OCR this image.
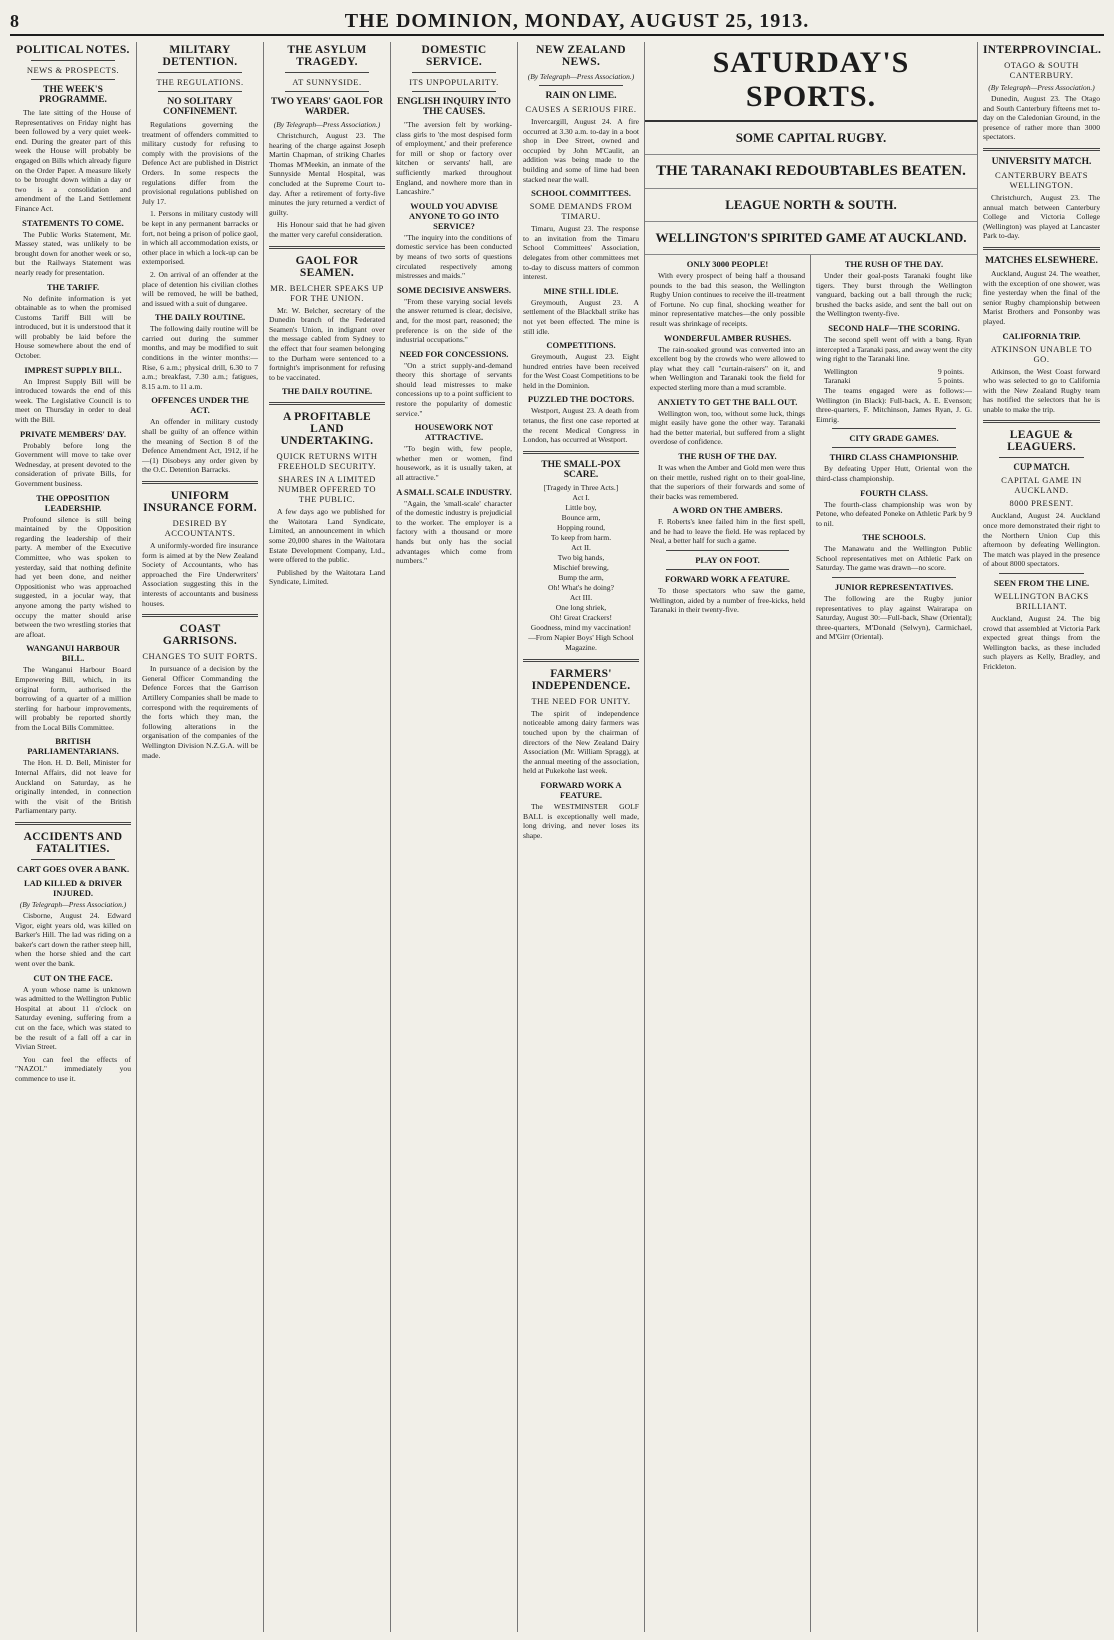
8	THE DOMINION, MONDAY, AUGUST 25, 1913.
POLITICAL NOTES.
NEWS & PROSPECTS.
THE WEEK'S PROGRAMME.

The late sitting of the House of Representatives on Friday night has been followed by a very quiet week-end. During the greater part of this week the House will probably be engaged on Bills which already figure on the Order Paper. A measure likely to be brought down within a day or two is a consolidation and amendment of the Land Settlement Finance Act.

STATEMENTS TO COME.

The Public Works Statement, Mr. Massey stated, was unlikely to be brought down for another week or so, but the Railways Statement was nearly ready for presentation.

THE TARIFF.

No definite information is yet obtainable as to when the promised Customs Tariff Bill will be introduced, but it is understood that it will probably be laid before the House somewhere about the end of October.

IMPREST SUPPLY BILL.

An Imprest Supply Bill will be introduced towards the end of this week. The Legislative Council is to meet on Thursday in order to deal with the Bill.

PRIVATE MEMBERS' DAY.

Probably before long the Government will move to take over Wednesday, at present devoted to the consideration of private Bills, for Government business.

THE OPPOSITION LEADERSHIP.

Profound silence is still being maintained by the Opposition regarding the leadership of their party. A member of the Executive Committee, who was spoken to yesterday, said that nothing definite had yet been done, and neither Oppositionist who was approached suggested, in a jocular way, that anyone among the party wished to occupy the matter should arise between the two wrestling stories that are afloat.

WANGANUI HARBOUR BILL.

The Wanganui Harbour Board Empowering Bill, which, in its original form, authorised the borrowing of a quarter of a million sterling for harbour improvements, will probably be reported shortly from the Local Bills Committee.

BRITISH PARLIAMENTARIANS.

The Hon. H. D. Bell, Minister for Internal Affairs, did not leave for Auckland on Saturday, as he originally intended, in connection with the visit of the British Parliamentary party.

ACCIDENTS AND FATALITIES.
CART GOES OVER A BANK.
LAD KILLED & DRIVER INJURED.
(By Telegraph—Press Association.)

Cisborne, August 24. Edward Vigor, eight years old, was killed on Barker's Hill. The lad was riding on a baker's cart down the rather steep hill, when the horse shied and the cart went over the bank.

CUT ON THE FACE.

A youn whose name is unknown was admitted to the Wellington Public Hospital at about 11 o'clock on Saturday evening, suffering from a cut on the face, which was stated to be the result of a fall off a car in Vivian Street.

You can feel the effects of "NAZOL" immediately you commence to use it.

MILITARY DETENTION.
THE REGULATIONS.
NO SOLITARY CONFINEMENT.

Regulations governing the treatment of offenders committed to military custody for refusing to comply with the provisions of the Defence Act are published in District Orders. In some respects the regulations differ from the provisional regulations published on July 17.

1. Persons in military custody will be kept in any permanent barracks or fort, not being a prison of police gaol, in which all accommodation exists, or other place in which a lock-up can be extemporised.

2. On arrival of an offender at the place of detention his civilian clothes will be removed, he will be bathed, and issued with a suit of dungaree.

THE DAILY ROUTINE.

The following daily routine will be carried out during the summer months, and may be modified to suit conditions in the winter months:—Rise, 6 a.m.; physical drill, 6.30 to 7 a.m.; breakfast, 7.30 a.m.; fatigues, 8.15 a.m. to 11 a.m.

OFFENCES UNDER THE ACT.

An offender in military custody shall be guilty of an offence within the meaning of Section 8 of the Defence Amendment Act, 1912, if he—(1) Disobeys any order given by the O.C. Detention Barracks.

UNIFORM INSURANCE FORM.
DESIRED BY ACCOUNTANTS.

A uniformly-worded fire insurance form is aimed at by the New Zealand Society of Accountants, who has approached the Fire Underwriters' Association suggesting this in the interests of accountants and business houses.

COAST GARRISONS.
CHANGES TO SUIT FORTS.

In pursuance of a decision by the General Officer Commanding the Defence Forces that the Garrison Artillery Companies shall be made to correspond with the requirements of the forts which they man, the following alterations in the organisation of the companies of the Wellington Division N.Z.G.A. will be made.

THE ASYLUM TRAGEDY.
AT SUNNYSIDE.
TWO YEARS' GAOL FOR WARDER.
(By Telegraph—Press Association.)

Christchurch, August 23. The hearing of the charge against Joseph Martin Chapman, of striking Charles Thomas M'Meekin, an inmate of the Sunnyside Mental Hospital, was concluded at the Supreme Court to-day. After a retirement of forty-five minutes the jury returned a verdict of guilty.

His Honour said that he had given the matter very careful consideration.

GAOL FOR SEAMEN.
MR. BELCHER SPEAKS UP FOR THE UNION.

Mr. W. Belcher, secretary of the Dunedin branch of the Federated Seamen's Union, in indignant over the message cabled from Sydney to the effect that four seamen belonging to the Durham were sentenced to a fortnight's imprisonment for refusing to be vaccinated.

THE DAILY ROUTINE.
A PROFITABLE LAND UNDERTAKING.
QUICK RETURNS WITH FREEHOLD SECURITY.
SHARES IN A LIMITED NUMBER OFFERED TO THE PUBLIC.

A few days ago we published for the Waitotara Land Syndicate, Limited, an announcement in which some 20,000 shares in the Waitotara Estate Development Company, Ltd., were offered to the public.

Published by the Waitotara Land Syndicate, Limited.

DOMESTIC SERVICE.
ITS UNPOPULARITY.
ENGLISH INQUIRY INTO THE CAUSES.

"The aversion felt by working-class girls to 'the most despised form of employment,' and their preference for mill or shop or factory over kitchen or servants' hall, are sufficiently marked throughout England, and nowhere more than in Lancashire."

WOULD YOU ADVISE ANYONE TO GO INTO SERVICE?

"The inquiry into the conditions of domestic service has been conducted by means of two sorts of questions circulated respectively among mistresses and maids."

SOME DECISIVE ANSWERS.

"From these varying social levels the answer returned is clear, decisive, and, for the most part, reasoned; the preference is on the side of the industrial occupations."

NEED FOR CONCESSIONS.

"On a strict supply-and-demand theory this shortage of servants should lead mistresses to make concessions up to a point sufficient to restore the popularity of domestic service."

HOUSEWORK NOT ATTRACTIVE.

"To begin with, few people, whether men or women, find housework, as it is usually taken, at all attractive."

A SMALL SCALE INDUSTRY.

"Again, the 'small-scale' character of the domestic industry is prejudicial to the worker. The employer is a factory with a thousand or more hands but only has the social advantages which come from numbers."

NEW ZEALAND NEWS.
(By Telegraph—Press Association.)
RAIN ON LIME.
CAUSES A SERIOUS FIRE.

Invercargill, August 24. A fire occurred at 3.30 a.m. to-day in a boot shop in Dee Street, owned and occupied by John M'Caulit, an addition was being made to the building and some of lime had been stacked near the wall.

SCHOOL COMMITTEES.
SOME DEMANDS FROM TIMARU.

Timaru, August 23. The response to an invitation from the Timaru School Committees' Association, delegates from other committees met to-day to discuss matters of common interest.

MINE STILL IDLE.

Greymouth, August 23. A settlement of the Blackball strike has not yet been effected. The mine is still idle.

COMPETITIONS.

Greymouth, August 23. Eight hundred entries have been received for the West Coast Competitions to be held in the Dominion.

PUZZLED THE DOCTORS.

Westport, August 23. A death from tetanus, the first one case reported at the recent Medical Congress in London, has occurred at Westport.

THE SMALL-POX SCARE.
[Tragedy in Three Acts.]
Act I.
Little boy,
Bounce arm,
Hopping round,
To keep from harm.
Act II.
Two big hands,
Mischief brewing,
Bump the arm,
Oh! What's he doing?
Act III.
One long shriek,
Oh! Great Crackers!
Goodness, mind my vaccination!
—From Napier Boys' High School Magazine.
FARMERS' INDEPENDENCE.
THE NEED FOR UNITY.

The spirit of independence noticeable among dairy farmers was touched upon by the chairman of directors of the New Zealand Dairy Association (Mr. William Spragg), at the annual meeting of the association, held at Pukekohe last week.

FORWARD WORK A FEATURE.

The WESTMINSTER GOLF BALL is exceptionally well made, long driving, and never loses its shape.

SATURDAY'S SPORTS.
SOME CAPITAL RUGBY.
THE TARANAKI REDOUBTABLES BEATEN.
LEAGUE NORTH & SOUTH.
WELLINGTON'S SPIRITED GAME AT AUCKLAND.
ONLY 3000 PEOPLE!

With every prospect of being half a thousand pounds to the bad this season, the Wellington Rugby Union continues to receive the ill-treatment of Fortune. No cup final, shocking weather for minor representative matches—the only possible result was shrinkage of receipts.

WONDERFUL AMBER RUSHES.

The rain-soaked ground was converted into an excellent bog by the crowds who were allowed to play what they call "curtain-raisers" on it, and when Wellington and Taranaki took the field for expected sterling more than a mud scramble.

ANXIETY TO GET THE BALL OUT.

Wellington won, too, without some luck, things might easily have gone the other way. Taranaki had the better material, but suffered from a slight overdose of confidence.

THE RUSH OF THE DAY.

It was when the Amber and Gold men were thus on their mettle, rushed right on to their goal-line, that the superiors of their forwards and some of their backs was remembered.

A WORD ON THE AMBERS.

F. Roberts's knee failed him in the first spell, and he had to leave the field. He was replaced by Neal, a better half for such a game.

PLAY ON FOOT.
FORWARD WORK A FEATURE.

To those spectators who saw the game, Wellington, aided by a number of free-kicks, held Taranaki in their twenty-five.

THE RUSH OF THE DAY.

Under their goal-posts Taranaki fought like tigers. They burst through the Wellington vanguard, backing out a ball through the ruck; brushed the backs aside, and sent the ball out on the Wellington twenty-five.

SECOND HALF—THE SCORING.

The second spell went off with a bang. Ryan intercepted a Taranaki pass, and away went the city wing right to the Taranaki line.

Wellington	9 points.
Taranaki	5 points.

The teams engaged were as follows:—Wellington (in Black): Full-back, A. E. Evenson; three-quarters, F. Mitchinson, James Ryan, J. G. Eimrig.

CITY GRADE GAMES.
THIRD CLASS CHAMPIONSHIP.

By defeating Upper Hutt, Oriental won the third-class championship.

FOURTH CLASS.

The fourth-class championship was won by Petone, who defeated Poneke on Athletic Park by 9 to nil.

THE SCHOOLS.

The Manawatu and the Wellington Public School representatives met on Athletic Park on Saturday. The game was drawn—no score.

JUNIOR REPRESENTATIVES.

The following are the Rugby junior representatives to play against Wairarapa on Saturday, August 30:—Full-back, Shaw (Oriental); three-quarters, M'Donald (Selwyn), Carmichael, and M'Girr (Oriental).

INTERPROVINCIAL.
OTAGO & SOUTH CANTERBURY.
(By Telegraph—Press Association.)

Dunedin, August 23. The Otago and South Canterbury fifteens met to-day on the Caledonian Ground, in the presence of rather more than 3000 spectators.

UNIVERSITY MATCH.
CANTERBURY BEATS WELLINGTON.

Christchurch, August 23. The annual match between Canterbury College and Victoria College (Wellington) was played at Lancaster Park to-day.

MATCHES ELSEWHERE.

Auckland, August 24. The weather, with the exception of one shower, was fine yesterday when the final of the senior Rugby championship between Marist Brothers and Ponsonby was played.

CALIFORNIA TRIP.
ATKINSON UNABLE TO GO.

Atkinson, the West Coast forward who was selected to go to California with the New Zealand Rugby team has notified the selectors that he is unable to make the trip.

LEAGUE & LEAGUERS.
CUP MATCH.
CAPITAL GAME IN AUCKLAND.
8000 PRESENT.

Auckland, August 24. Auckland once more demonstrated their right to the Northern Union Cup this afternoon by defeating Wellington. The match was played in the presence of about 8000 spectators.

SEEN FROM THE LINE.
WELLINGTON BACKS BRILLIANT.

Auckland, August 24. The big crowd that assembled at Victoria Park expected great things from the Wellington backs, as these included such players as Kelly, Bradley, and Frickleton.
